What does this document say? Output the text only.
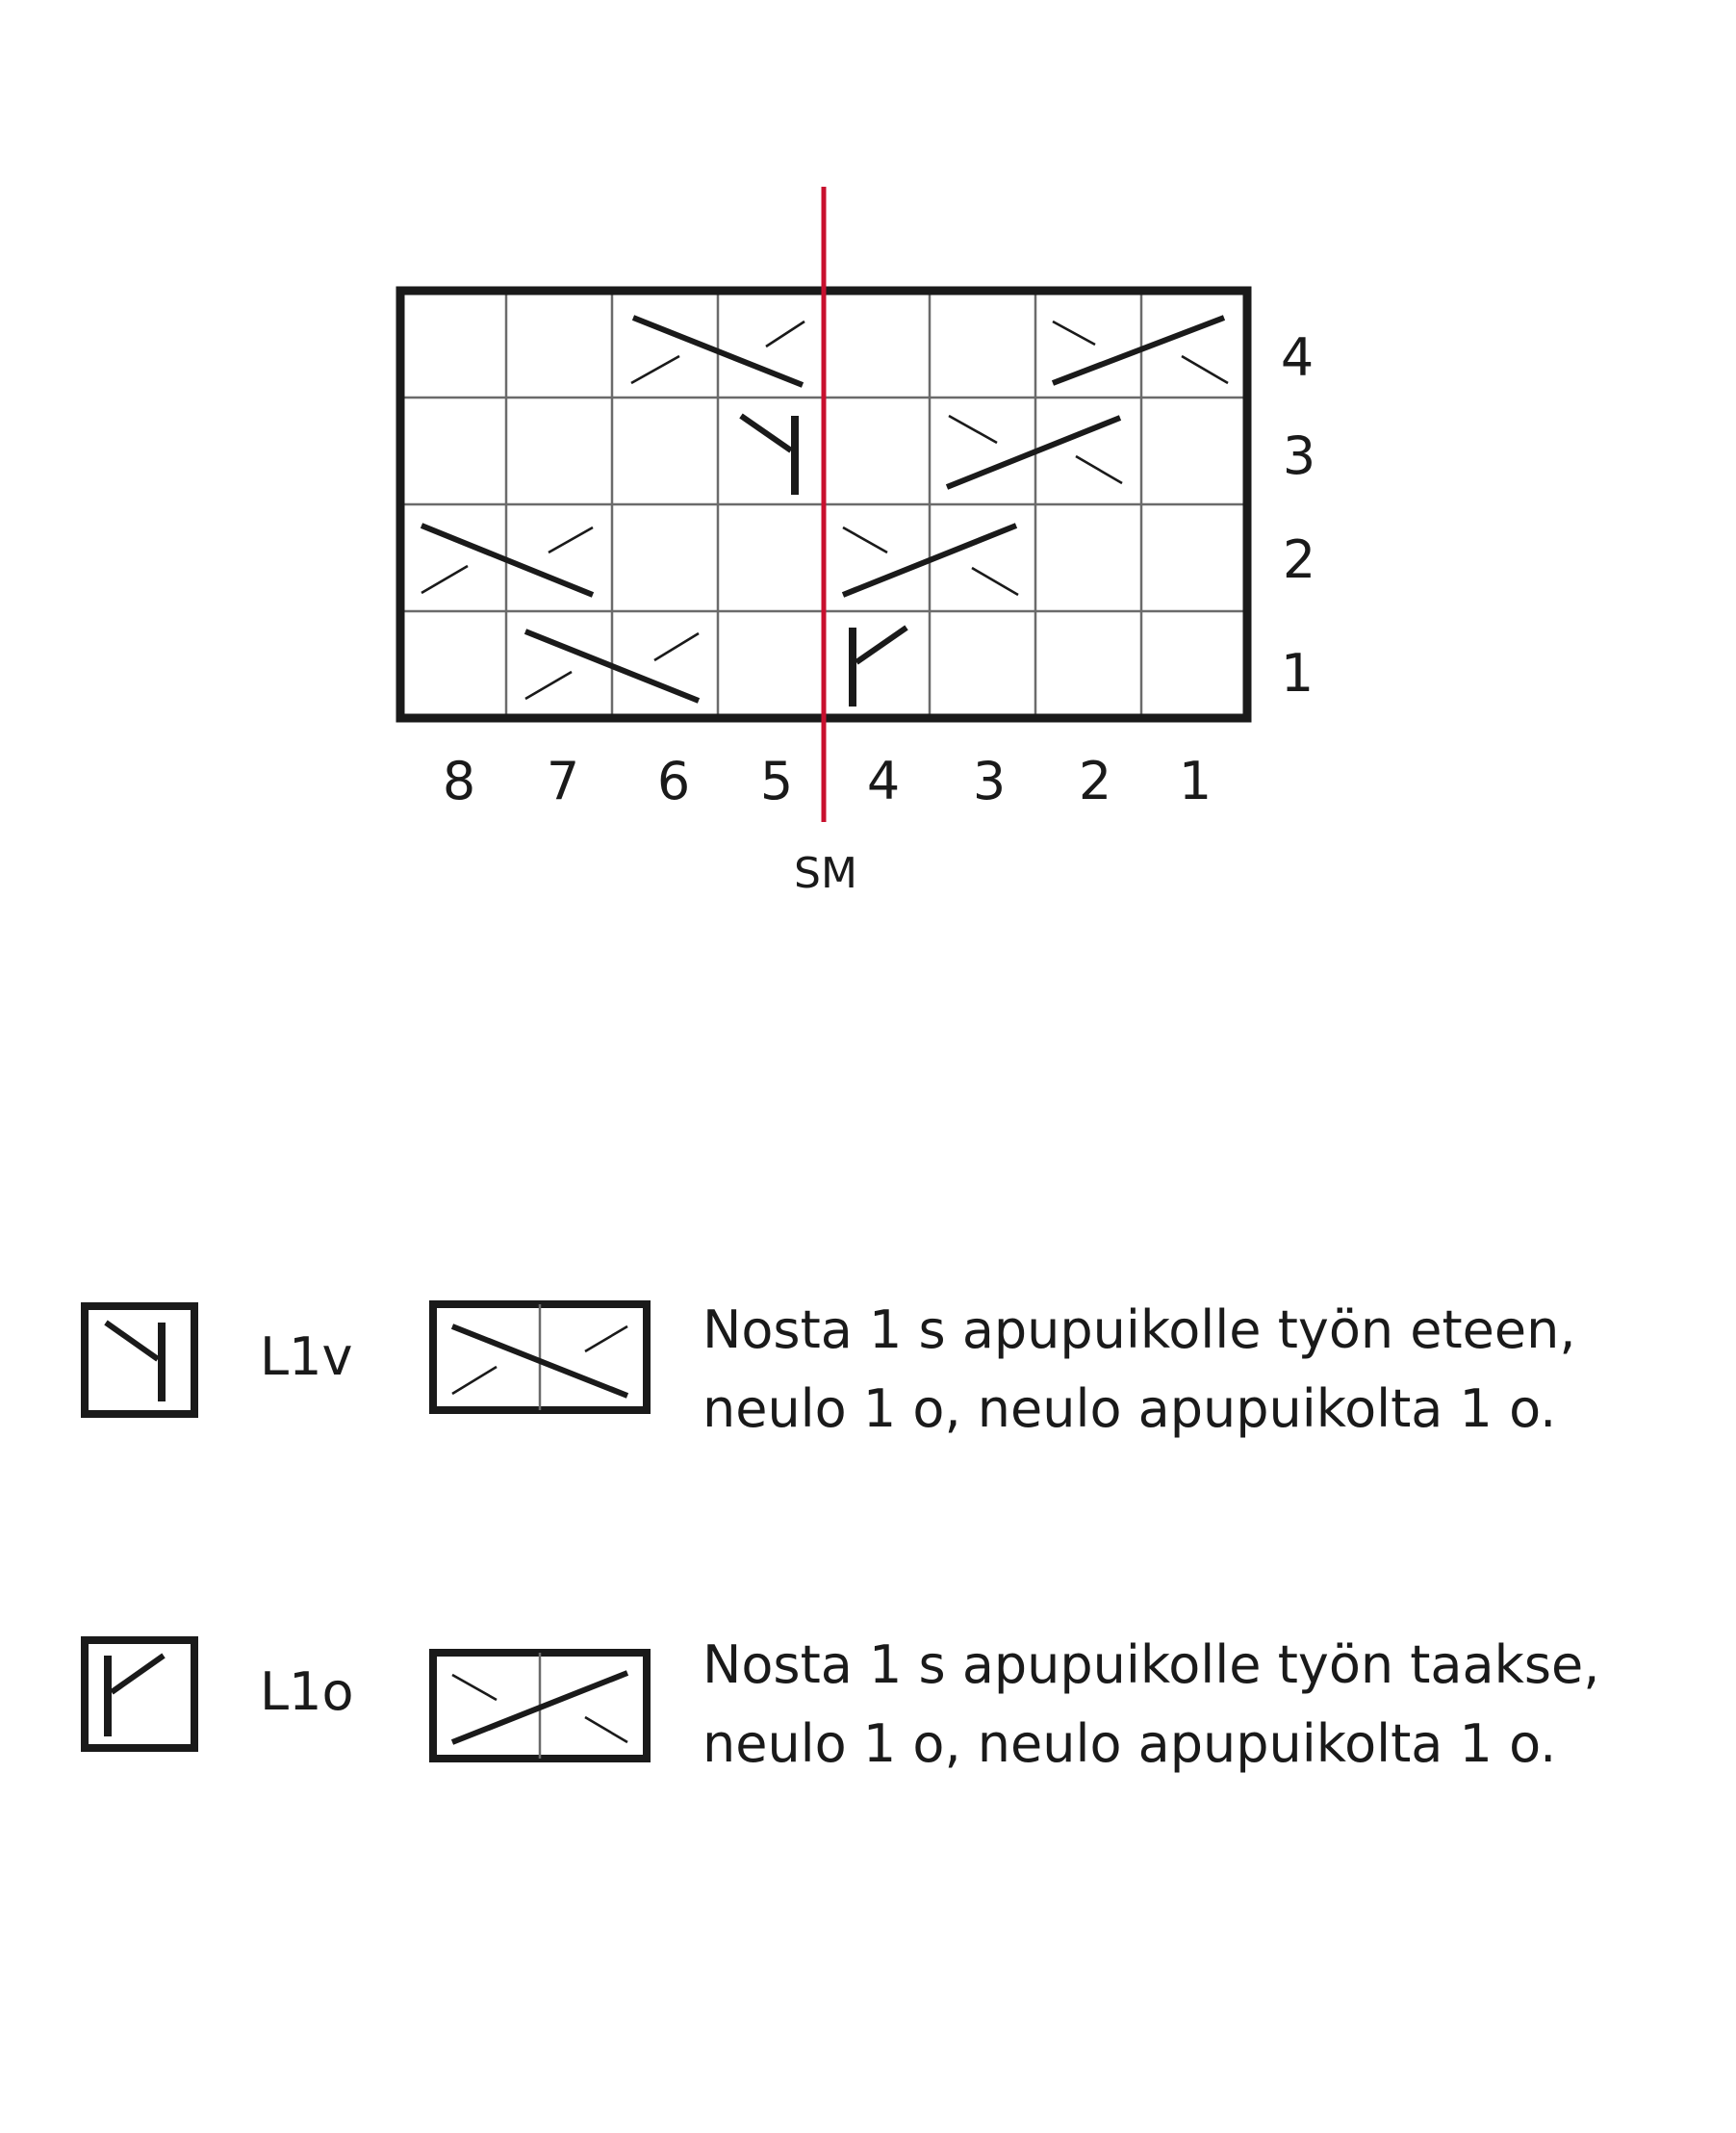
4
3
2
1
8 7 6 5 4 3 2 1
SM
L1v	Nosta 1 s apupuikolle työn eteen,
neulo 1 o, neulo apupuikolta 1 o.
L1o	Nosta 1 s apupuikolle työn taakse,
neulo 1 o, neulo apupuikolta 1 o.
